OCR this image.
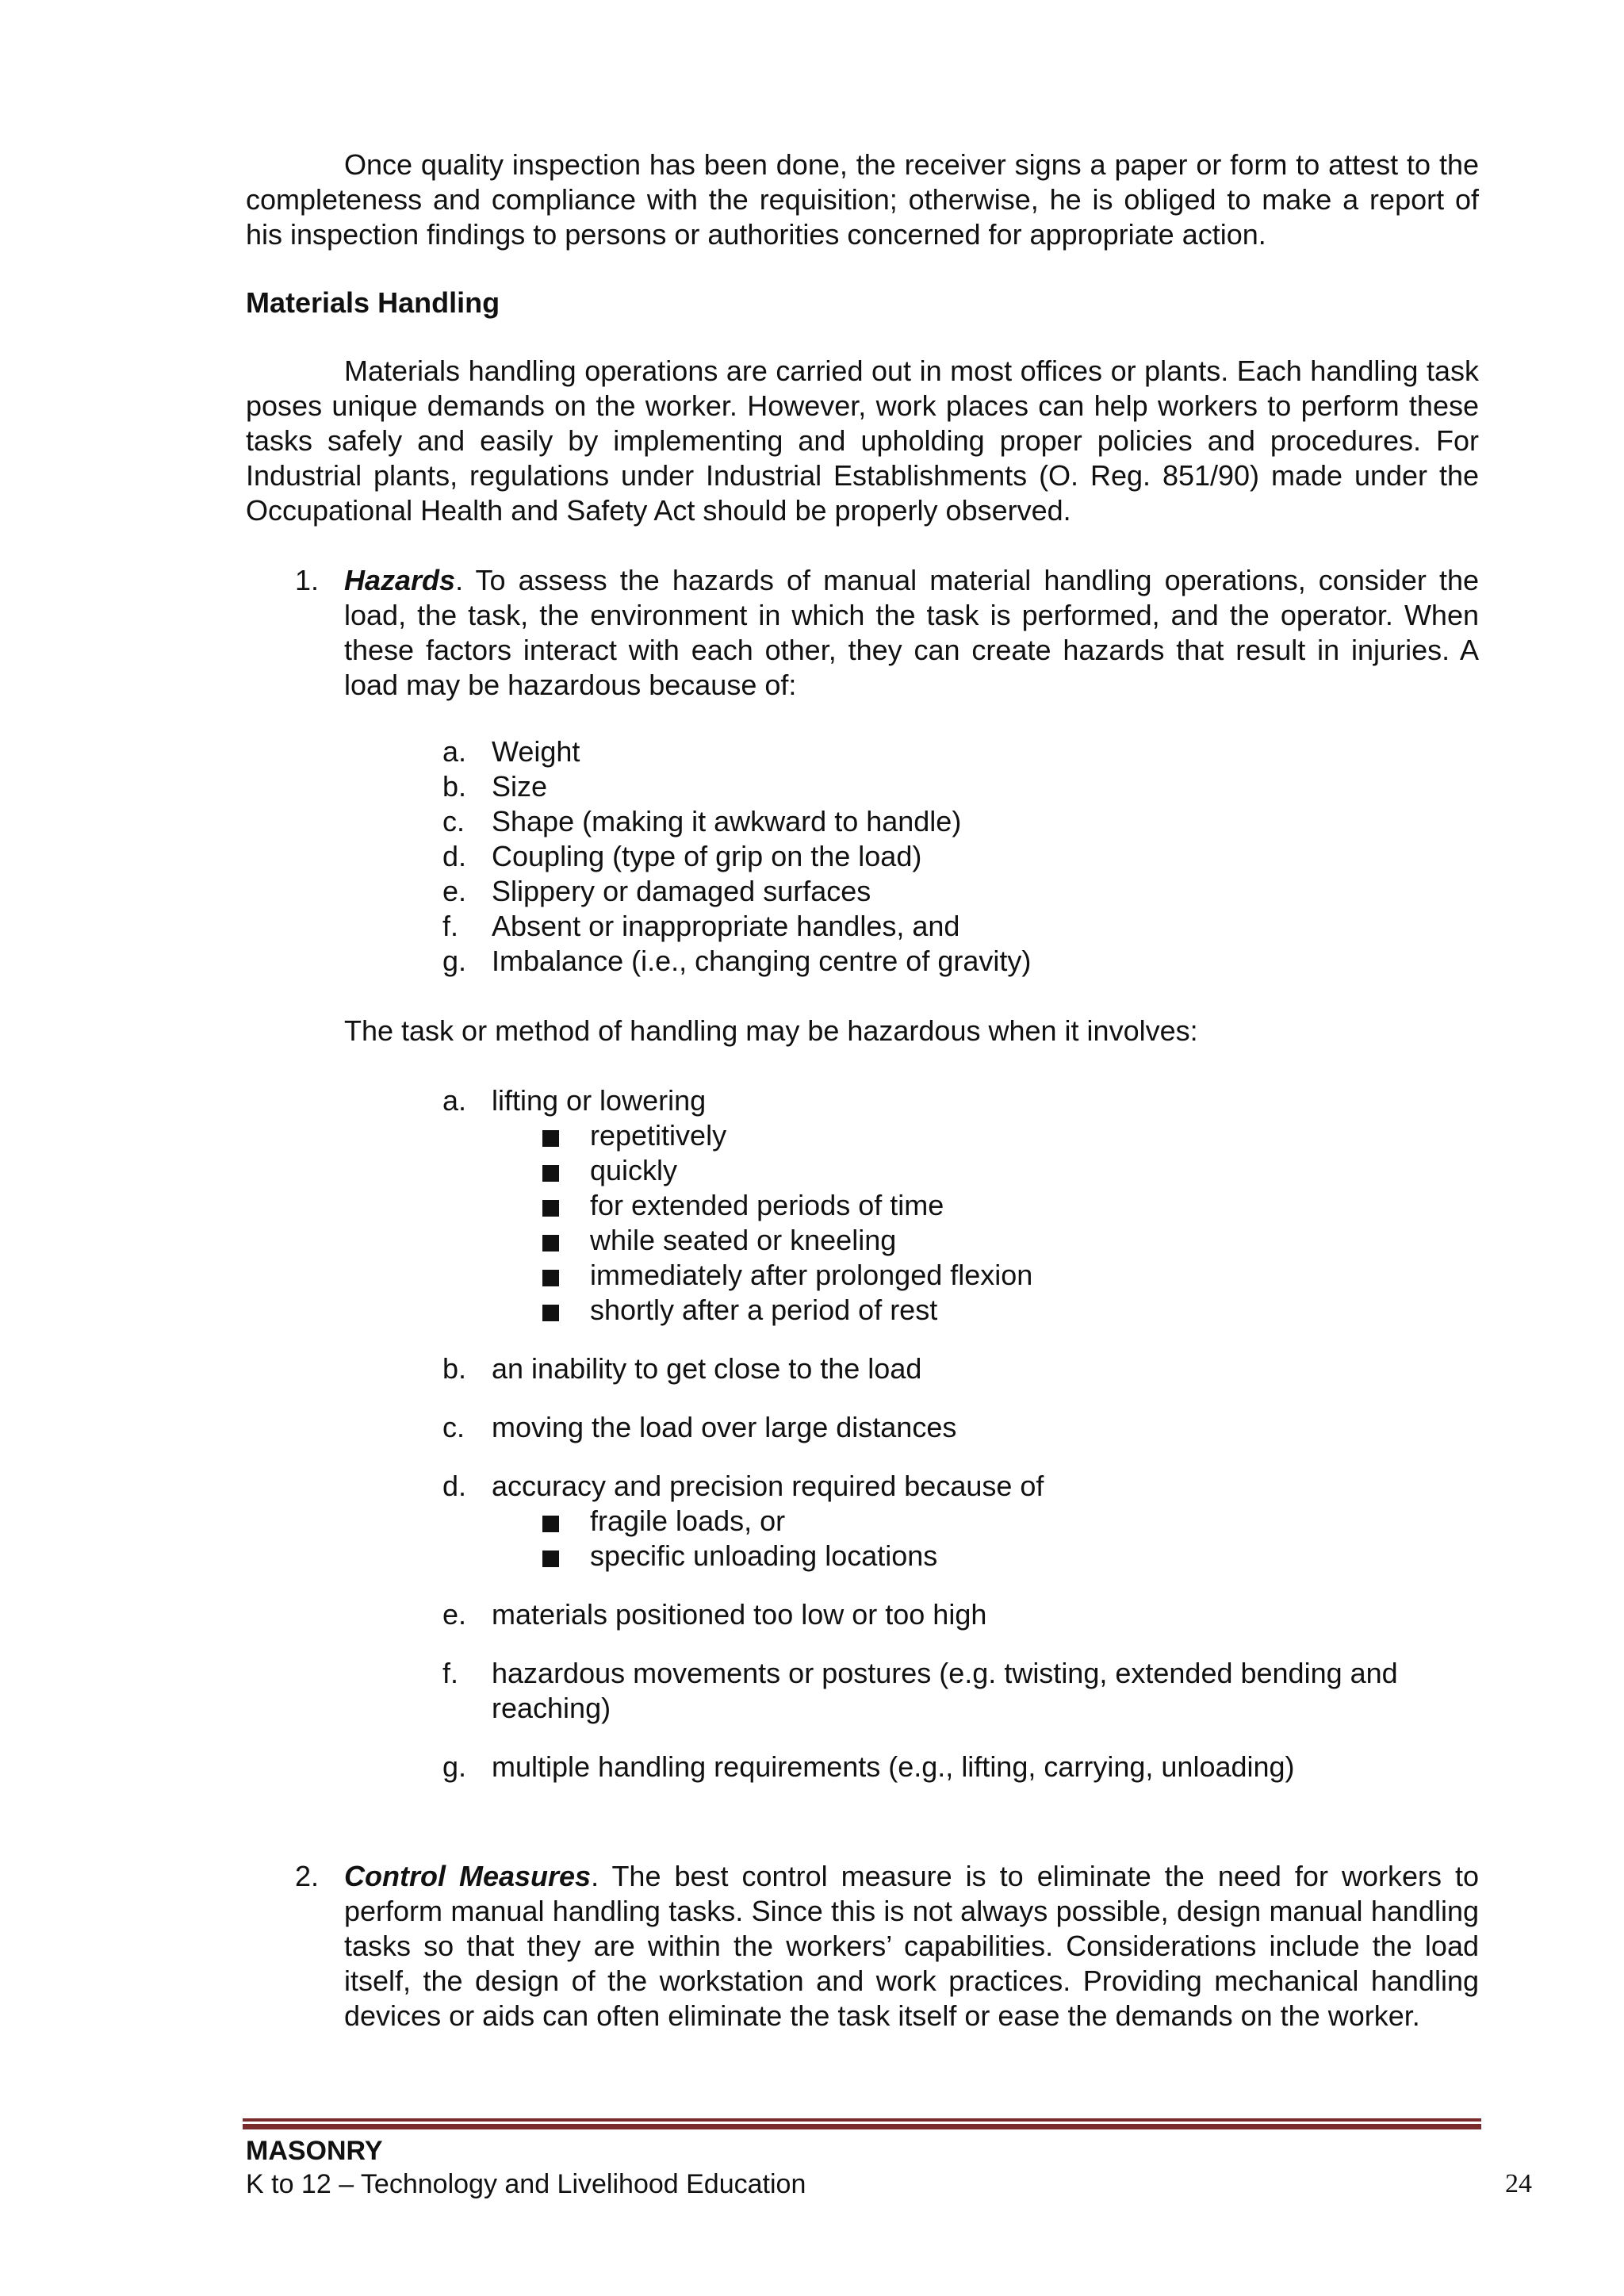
Once quality inspection has been done, the receiver signs a paper or form to attest to the completeness and compliance with the requisition; otherwise, he is obliged to make a report of his inspection findings to persons or authorities concerned for appropriate action.

Materials Handling

Materials handling operations are carried out in most offices or plants. Each handling task poses unique demands on the worker. However, work places can help workers to perform these tasks safely and easily by implementing and upholding proper policies and procedures. For Industrial plants, regulations under Industrial Establishments (O. Reg. 851/90) made under the Occupational Health and Safety Act should be properly observed.

1. Hazards. To assess the hazards of manual material handling operations, consider the load, the task, the environment in which the task is performed, and the operator. When these factors interact with each other, they can create hazards that result in injuries. A load may be hazardous because of:
a. Weight
b. Size
c. Shape (making it awkward to handle)
d. Coupling (type of grip on the load)
e. Slippery or damaged surfaces
f. Absent or inappropriate handles, and
g. Imbalance (i.e., changing centre of gravity)

The task or method of handling may be hazardous when it involves:

a. lifting or lowering
repetitively
quickly
for extended periods of time
while seated or kneeling
immediately after prolonged flexion
shortly after a period of rest
b. an inability to get close to the load
c. moving the load over large distances
d. accuracy and precision required because of
fragile loads, or
specific unloading locations
e. materials positioned too low or too high
f. hazardous movements or postures (e.g. twisting, extended bending and reaching)
g. multiple handling requirements (e.g., lifting, carrying, unloading)
2. Control Measures. The best control measure is to eliminate the need for workers to perform manual handling tasks. Since this is not always possible, design manual handling tasks so that they are within the workers’ capabilities. Considerations include the load itself, the design of the workstation and work practices. Providing mechanical handling devices or aids can often eliminate the task itself or ease the demands on the worker.
MASONRY
K to 12 – Technology and Livelihood Education	24
